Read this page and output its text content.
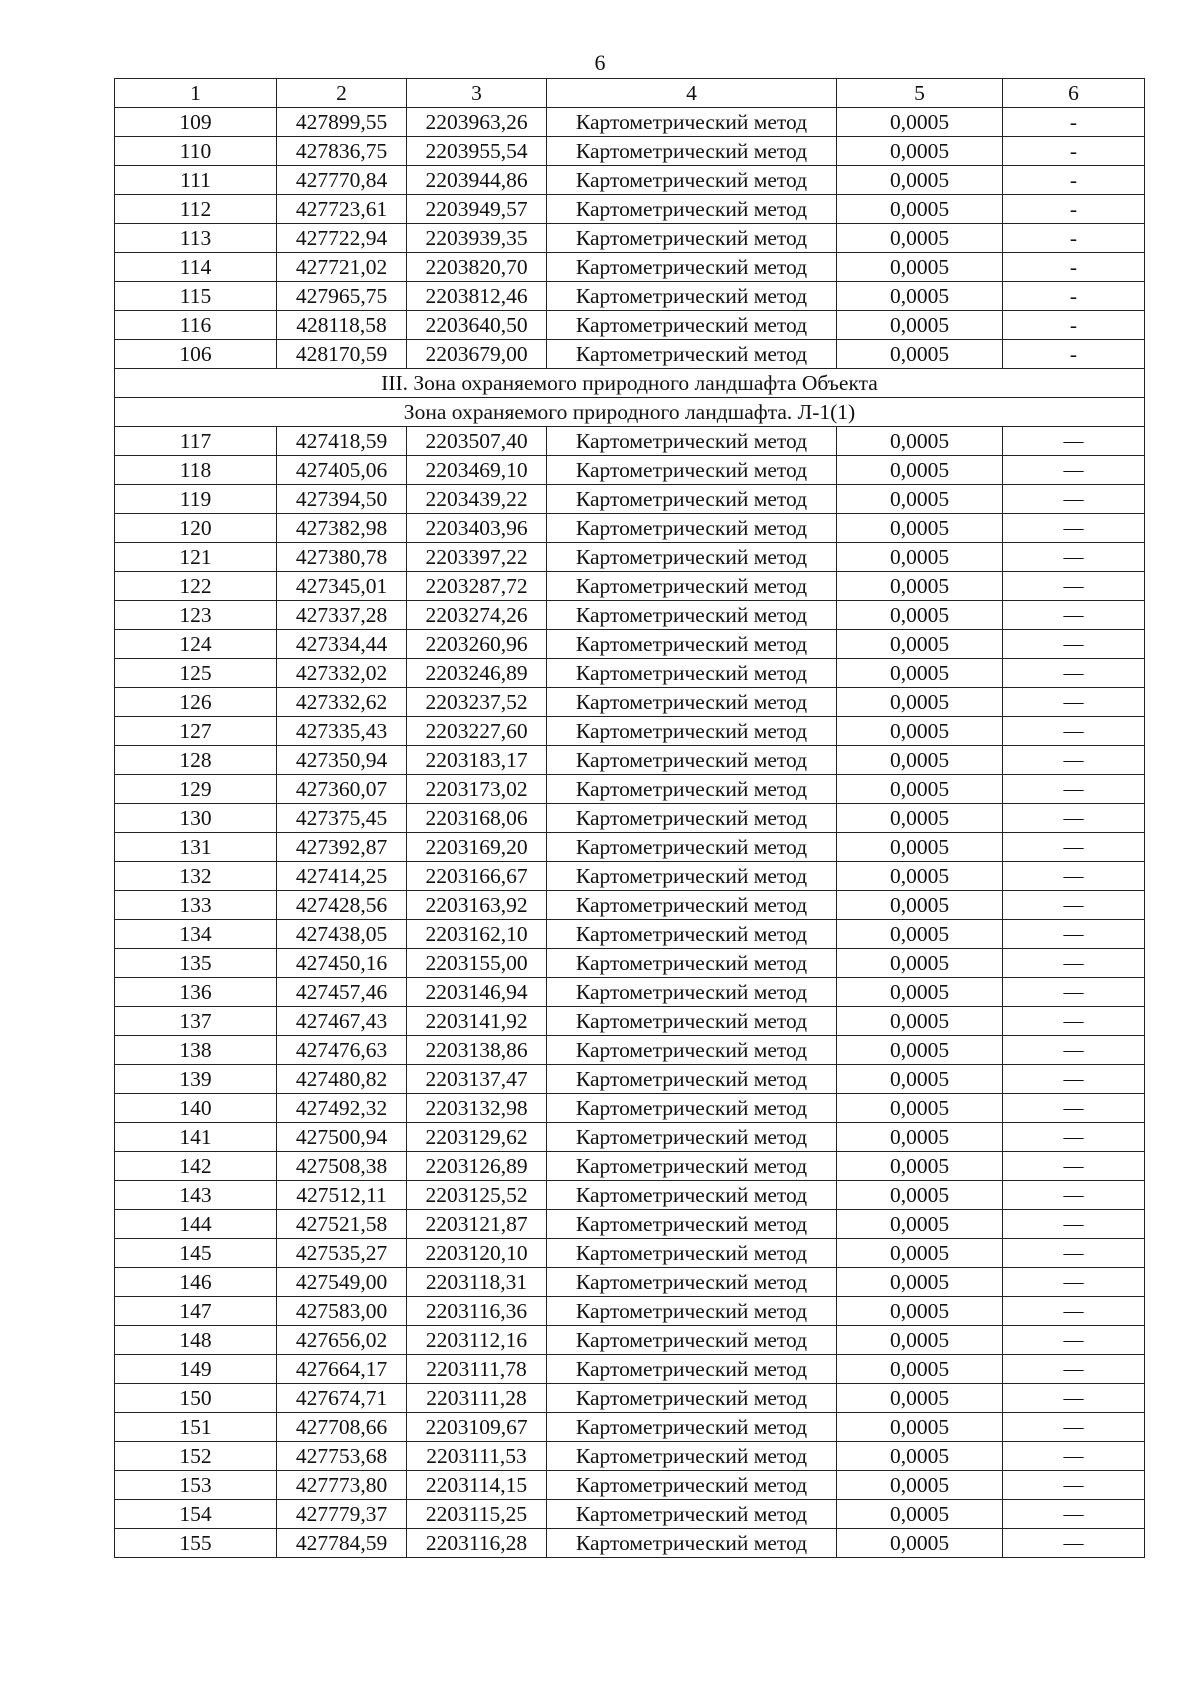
6
1	2	3	4	5	6
109	427899,55	2203963,26	Картометрический метод	0,0005	-
110	427836,75	2203955,54	Картометрический метод	0,0005	-
111	427770,84	2203944,86	Картометрический метод	0,0005	-
112	427723,61	2203949,57	Картометрический метод	0,0005	-
113	427722,94	2203939,35	Картометрический метод	0,0005	-
114	427721,02	2203820,70	Картометрический метод	0,0005	-
115	427965,75	2203812,46	Картометрический метод	0,0005	-
116	428118,58	2203640,50	Картометрический метод	0,0005	-
106	428170,59	2203679,00	Картометрический метод	0,0005	-
III. Зона охраняемого природного ландшафта Объекта					
Зона охраняемого природного ландшафта. Л-1(1)					
117	427418,59	2203507,40	Картометрический метод	0,0005	—
118	427405,06	2203469,10	Картометрический метод	0,0005	—
119	427394,50	2203439,22	Картометрический метод	0,0005	—
120	427382,98	2203403,96	Картометрический метод	0,0005	—
121	427380,78	2203397,22	Картометрический метод	0,0005	—
122	427345,01	2203287,72	Картометрический метод	0,0005	—
123	427337,28	2203274,26	Картометрический метод	0,0005	—
124	427334,44	2203260,96	Картометрический метод	0,0005	—
125	427332,02	2203246,89	Картометрический метод	0,0005	—
126	427332,62	2203237,52	Картометрический метод	0,0005	—
127	427335,43	2203227,60	Картометрический метод	0,0005	—
128	427350,94	2203183,17	Картометрический метод	0,0005	—
129	427360,07	2203173,02	Картометрический метод	0,0005	—
130	427375,45	2203168,06	Картометрический метод	0,0005	—
131	427392,87	2203169,20	Картометрический метод	0,0005	—
132	427414,25	2203166,67	Картометрический метод	0,0005	—
133	427428,56	2203163,92	Картометрический метод	0,0005	—
134	427438,05	2203162,10	Картометрический метод	0,0005	—
135	427450,16	2203155,00	Картометрический метод	0,0005	—
136	427457,46	2203146,94	Картометрический метод	0,0005	—
137	427467,43	2203141,92	Картометрический метод	0,0005	—
138	427476,63	2203138,86	Картометрический метод	0,0005	—
139	427480,82	2203137,47	Картометрический метод	0,0005	—
140	427492,32	2203132,98	Картометрический метод	0,0005	—
141	427500,94	2203129,62	Картометрический метод	0,0005	—
142	427508,38	2203126,89	Картометрический метод	0,0005	—
143	427512,11	2203125,52	Картометрический метод	0,0005	—
144	427521,58	2203121,87	Картометрический метод	0,0005	—
145	427535,27	2203120,10	Картометрический метод	0,0005	—
146	427549,00	2203118,31	Картометрический метод	0,0005	—
147	427583,00	2203116,36	Картометрический метод	0,0005	—
148	427656,02	2203112,16	Картометрический метод	0,0005	—
149	427664,17	2203111,78	Картометрический метод	0,0005	—
150	427674,71	2203111,28	Картометрический метод	0,0005	—
151	427708,66	2203109,67	Картометрический метод	0,0005	—
152	427753,68	2203111,53	Картометрический метод	0,0005	—
153	427773,80	2203114,15	Картометрический метод	0,0005	—
154	427779,37	2203115,25	Картометрический метод	0,0005	—
155	427784,59	2203116,28	Картометрический метод	0,0005	—
